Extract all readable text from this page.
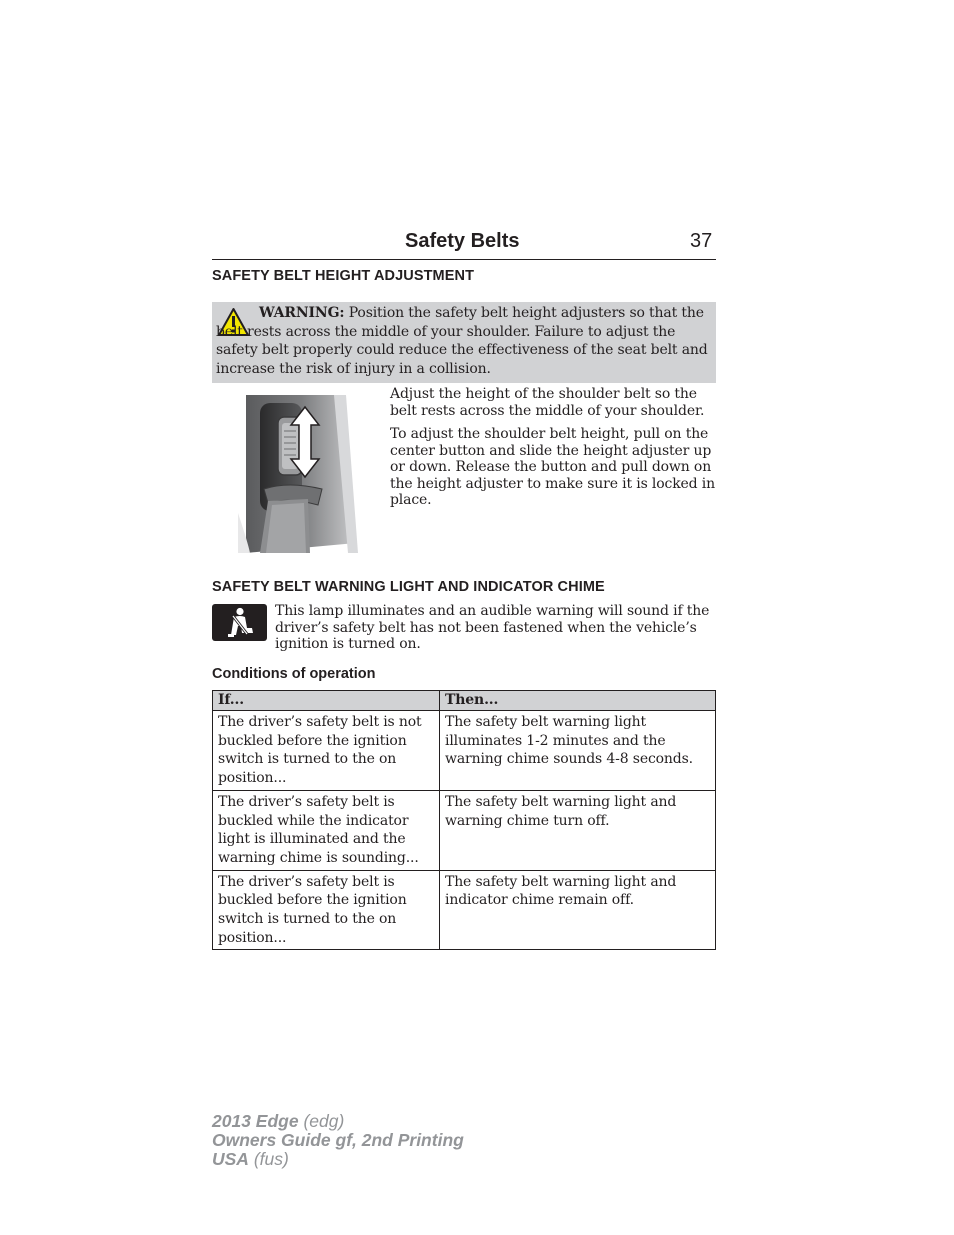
Safety Belts	37
SAFETY BELT HEIGHT ADJUSTMENT
WARNING: Position the safety belt height adjusters so that the belt rests across the middle of your shoulder. Failure to adjust the safety belt properly could reduce the effectiveness of the seat belt and increase the risk of injury in a collision.
Adjust the height of the shoulder belt so the belt rests across the middle of your shoulder.
To adjust the shoulder belt height, pull on the center button and slide the height adjuster up or down. Release the button and pull down on the height adjuster to make sure it is locked in place.
SAFETY BELT WARNING LIGHT AND INDICATOR CHIME
This lamp illuminates and an audible warning will sound if the driver’s safety belt has not been fastened when the vehicle’s ignition is turned on.
Conditions of operation
If...	Then...
The driver’s safety belt is not buckled before the ignition switch is turned to the on position...	The safety belt warning light illuminates 1-2 minutes and the warning chime sounds 4-8 seconds.
The driver’s safety belt is buckled while the indicator light is illuminated and the warning chime is sounding...	The safety belt warning light and warning chime turn off.
The driver’s safety belt is buckled before the ignition switch is turned to the on position...	The safety belt warning light and indicator chime remain off.
2013 Edge (edg)
Owners Guide gf, 2nd Printing
USA (fus)
